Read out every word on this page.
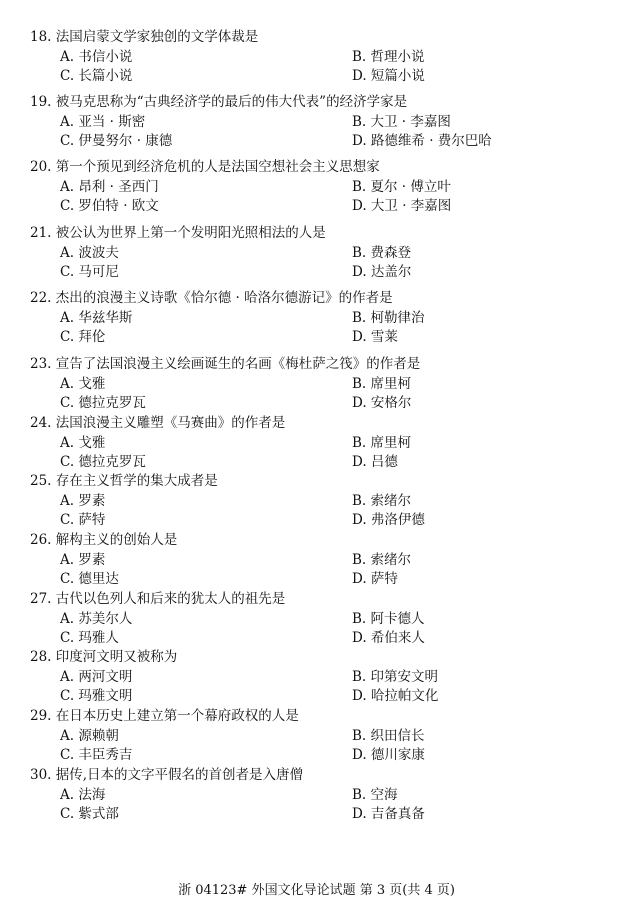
18. 法国启蒙文学家独创的文学体裁是
A. 书信小说	B. 哲理小说
C. 长篇小说	D. 短篇小说
19. 被马克思称为“古典经济学的最后的伟大代表”的经济学家是
A. 亚当 · 斯密	B. 大卫 · 李嘉图
C. 伊曼努尔 · 康德	D. 路德维希 · 费尔巴哈
20. 第一个预见到经济危机的人是法国空想社会主义思想家
A. 昂利 · 圣西门	B. 夏尔 · 傅立叶
C. 罗伯特 · 欧文	D. 大卫 · 李嘉图
21. 被公认为世界上第一个发明阳光照相法的人是
A. 波波夫	B. 费森登
C. 马可尼	D. 达盖尔
22. 杰出的浪漫主义诗歌《恰尔德 · 哈洛尔德游记》的作者是
A. 华兹华斯	B. 柯勒律治
C. 拜伦	D. 雪莱
23. 宣告了法国浪漫主义绘画诞生的名画《梅杜萨之筏》的作者是
A. 戈雅	B. 席里柯
C. 德拉克罗瓦	D. 安格尔
24. 法国浪漫主义雕塑《马赛曲》的作者是
A. 戈雅	B. 席里柯
C. 德拉克罗瓦	D. 吕德
25. 存在主义哲学的集大成者是
A. 罗素	B. 索绪尔
C. 萨特	D. 弗洛伊德
26. 解构主义的创始人是
A. 罗素	B. 索绪尔
C. 德里达	D. 萨特
27. 古代以色列人和后来的犹太人的祖先是
A. 苏美尔人	B. 阿卡德人
C. 玛雅人	D. 希伯来人
28. 印度河文明又被称为
A. 两河文明	B. 印第安文明
C. 玛雅文明	D. 哈拉帕文化
29. 在日本历史上建立第一个幕府政权的人是
A. 源赖朝	B. 织田信长
C. 丰臣秀吉	D. 德川家康
30. 据传,日本的文字平假名的首创者是入唐僧
A. 法海	B. 空海
C. 紫式部	D. 吉备真备
浙 04123# 外国文化导论试题 第 3 页(共 4 页)
